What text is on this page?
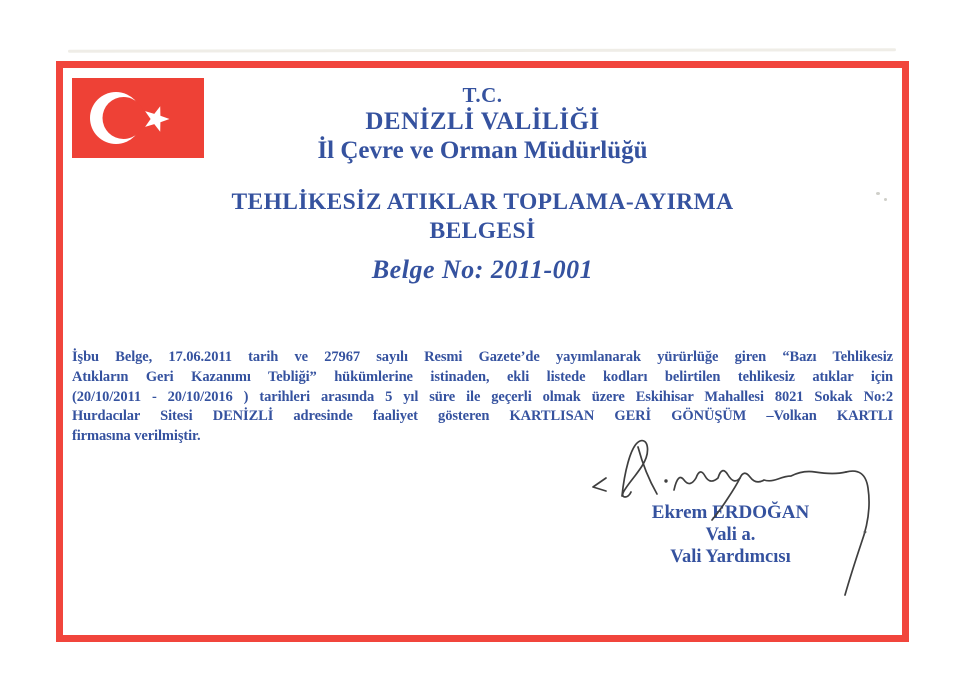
T.C.
DENİZLİ VALİLİĞİ
İl Çevre ve Orman Müdürlüğü
TEHLİKESİZ ATIKLAR TOPLAMA-AYIRMA
BELGESİ
Belge No: 2011-001
İşbu Belge, 17.06.2011 tarih ve 27967 sayılı Resmi Gazete’de yayımlanarak yürürlüğe giren “Bazı Tehlikesiz
Atıkların Geri Kazanımı Tebliği” hükümlerine istinaden, ekli listede kodları belirtilen tehlikesiz atıklar için
(20/10/2011 - 20/10/2016 ) tarihleri arasında 5 yıl süre ile geçerli olmak üzere Eskihisar Mahallesi 8021 Sokak No:2
Hurdacılar Sitesi DENİZLİ adresinde faaliyet gösteren KARTLISAN GERİ GÖNÜŞÜM –Volkan KARTLI
firmasına verilmiştir.
Ekrem ERDOĞAN
Vali a.
Vali Yardımcısı
